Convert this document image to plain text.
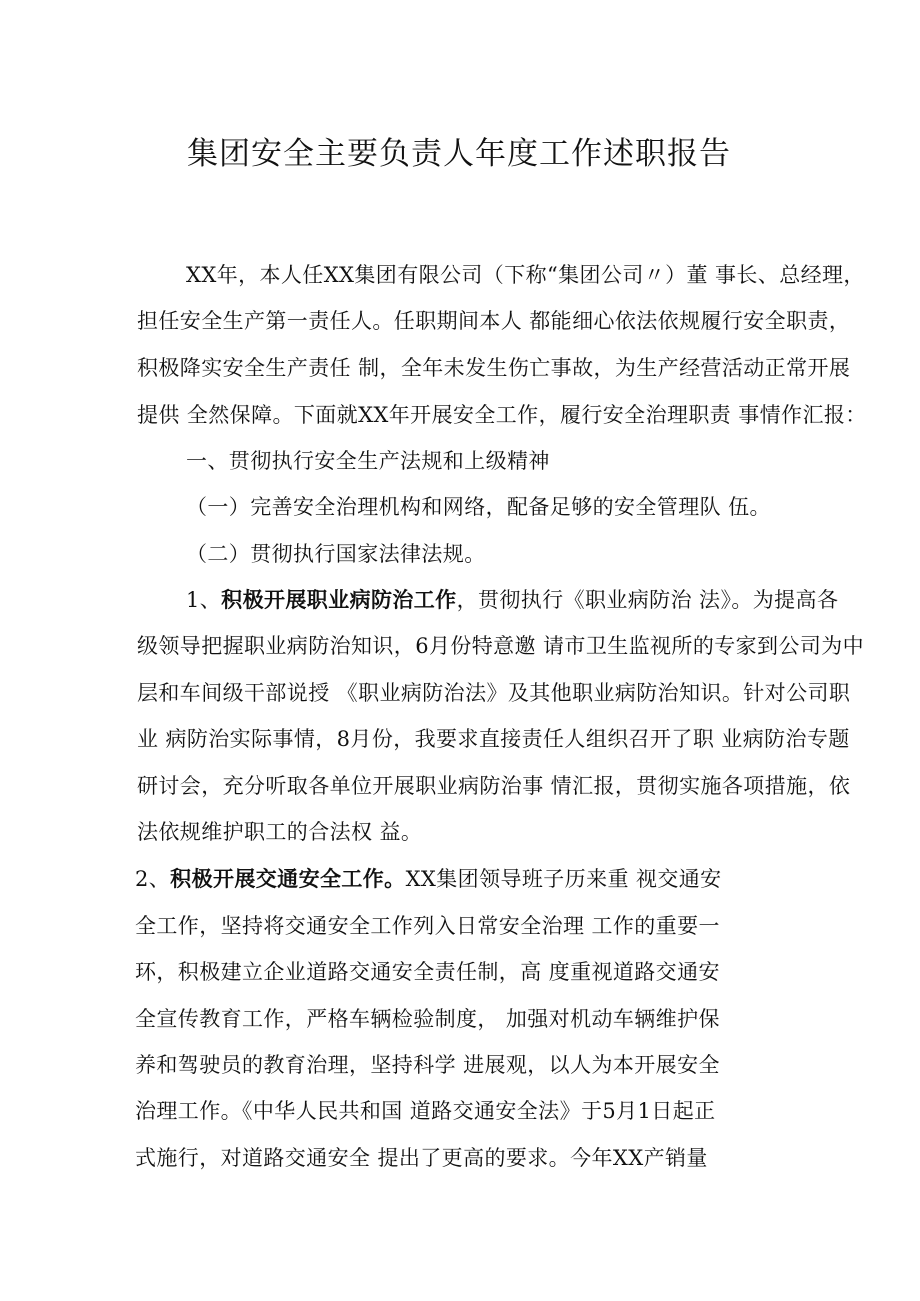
集团安全主要负责人年度工作述职报告
XX年，本人任XX集团有限公司（下称“集团公司〃）董 事长、总经理，
担任安全生产第一责任人。任职期间本人 都能细心依法依规履行安全职责，
积极降实安全生产责任 制，全年未发生伤亡事故，为生产经营活动正常开展
提供 全然保障。下面就XX年开展安全工作，履行安全治理职责 事情作汇报：
一、贯彻执行安全生产法规和上级精神
（一）完善安全治理机构和网络，配备足够的安全管理队 伍。
（二）贯彻执行国家法律法规。
1、积极开展职业病防治工作，贯彻执行《职业病防治 法》。为提高各
级领导把握职业病防治知识，6月份特意邀 请市卫生监视所的专家到公司为中
层和车间级干部说授 《职业病防治法》及其他职业病防治知识。针对公司职
业 病防治实际事情，8月份，我要求直接责任人组织召开了职 业病防治专题
研讨会，充分听取各单位开展职业病防治事 情汇报，贯彻实施各项措施，依
法依规维护职工的合法权 益。
2、积极开展交通安全工作。XX集团领导班子历来重 视交通安
全工作，坚持将交通安全工作列入日常安全治理 工作的重要一
环，积极建立企业道路交通安全责任制，高 度重视道路交通安
全宣传教育工作，严格车辆检验制度， 加强对机动车辆维护保
养和驾驶员的教育治理，坚持科学 进展观，以人为本开展安全
治理工作。《中华人民共和国 道路交通安全法》于5月1日起正
式施行，对道路交通安全 提出了更高的要求。今年XX产销量
